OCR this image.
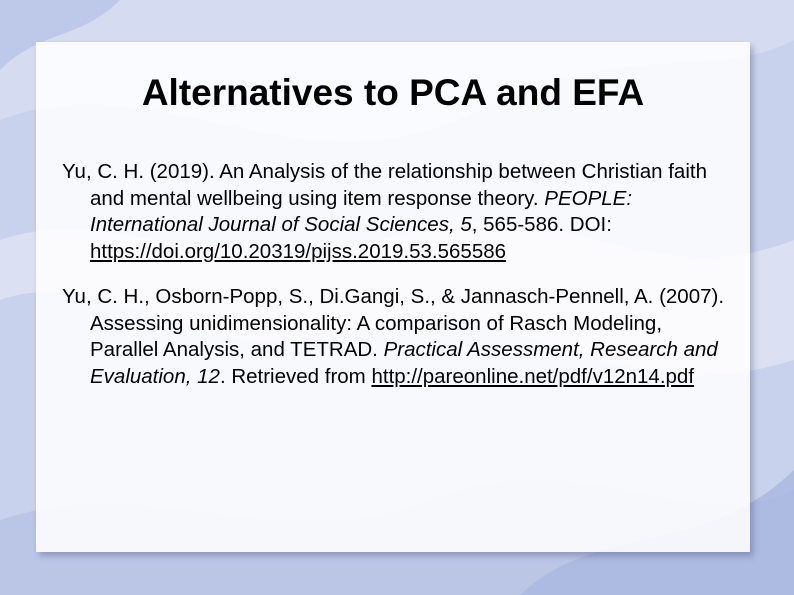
Alternatives to PCA and EFA

Yu, C. H. (2019). An Analysis of the relationship between Christian faith and mental wellbeing using item response theory. PEOPLE: International Journal of Social Sciences, 5, 565-586. DOI: https://doi.org/10.20319/pijss.2019.53.565586

Yu, C. H., Osborn-Popp, S., Di.Gangi, S., & Jannasch-Pennell, A. (2007). Assessing unidimensionality: A comparison of Rasch Modeling, Parallel Analysis, and TETRAD. Practical Assessment, Research and Evaluation, 12. Retrieved from http://pareonline.net/pdf/v12n14.pdf
